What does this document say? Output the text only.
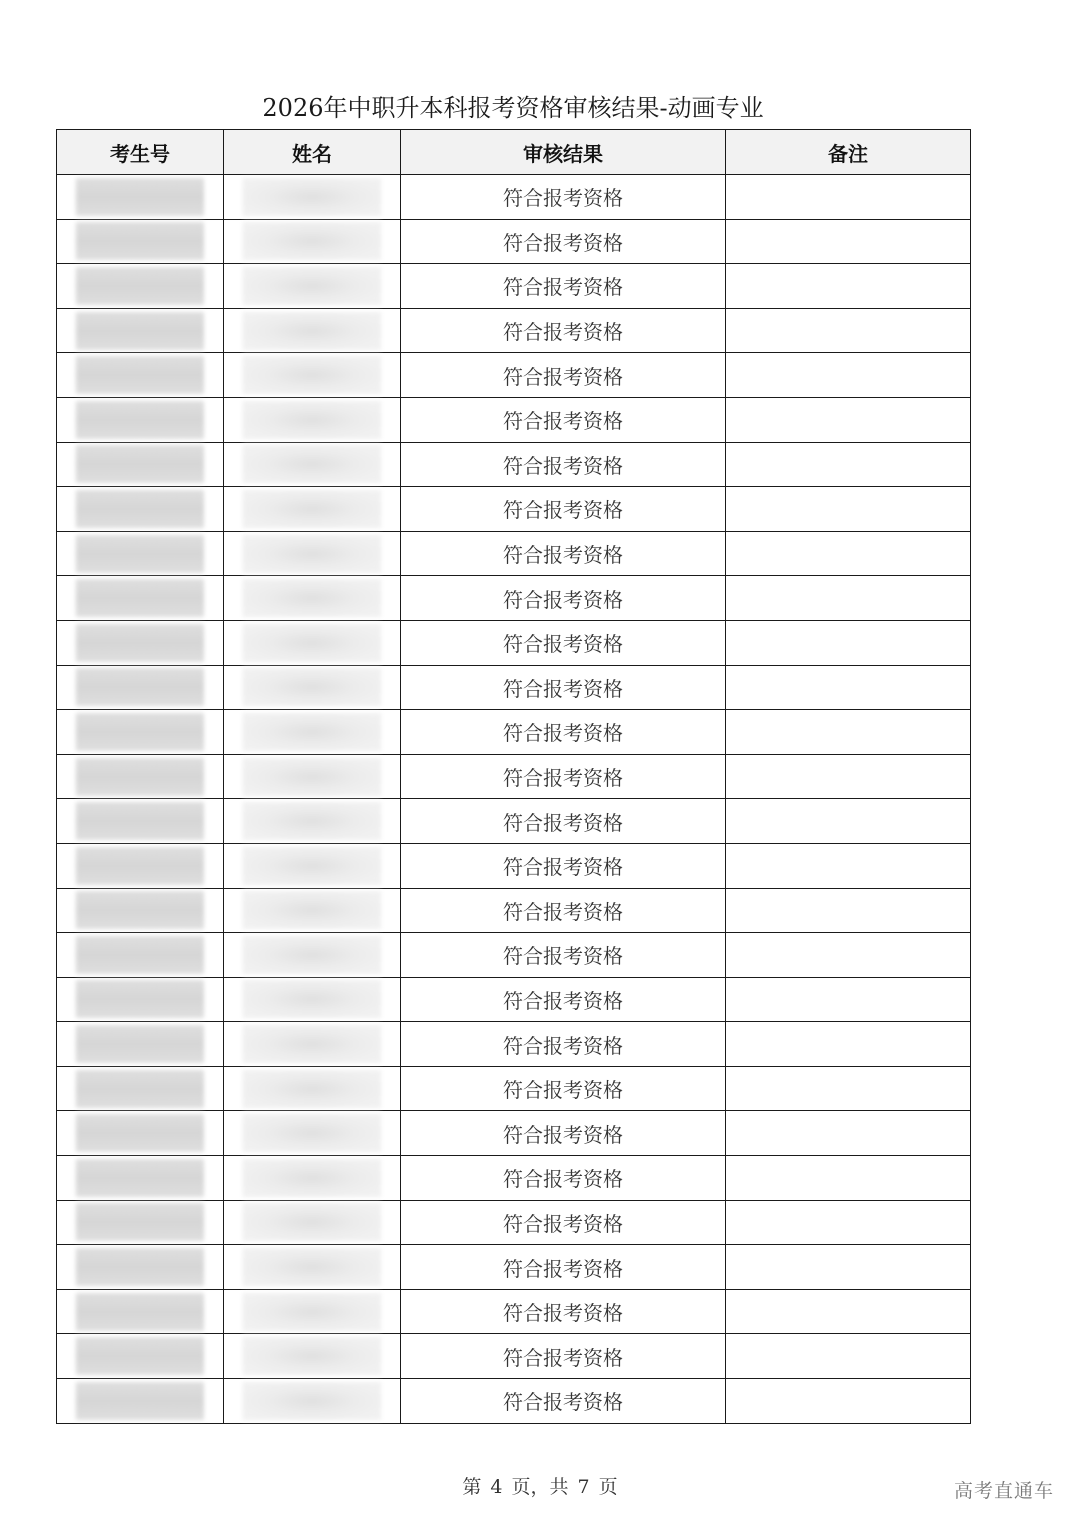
2026年中职升本科报考资格审核结果-动画专业
考生号	姓名	审核结果	备注
		符合报考资格	
		符合报考资格	
		符合报考资格	
		符合报考资格	
		符合报考资格	
		符合报考资格	
		符合报考资格	
		符合报考资格	
		符合报考资格	
		符合报考资格	
		符合报考资格	
		符合报考资格	
		符合报考资格	
		符合报考资格	
		符合报考资格	
		符合报考资格	
		符合报考资格	
		符合报考资格	
		符合报考资格	
		符合报考资格	
		符合报考资格	
		符合报考资格	
		符合报考资格	
		符合报考资格	
		符合报考资格	
		符合报考资格	
		符合报考资格	
		符合报考资格	
第 4 页，共 7 页	高考直通车
